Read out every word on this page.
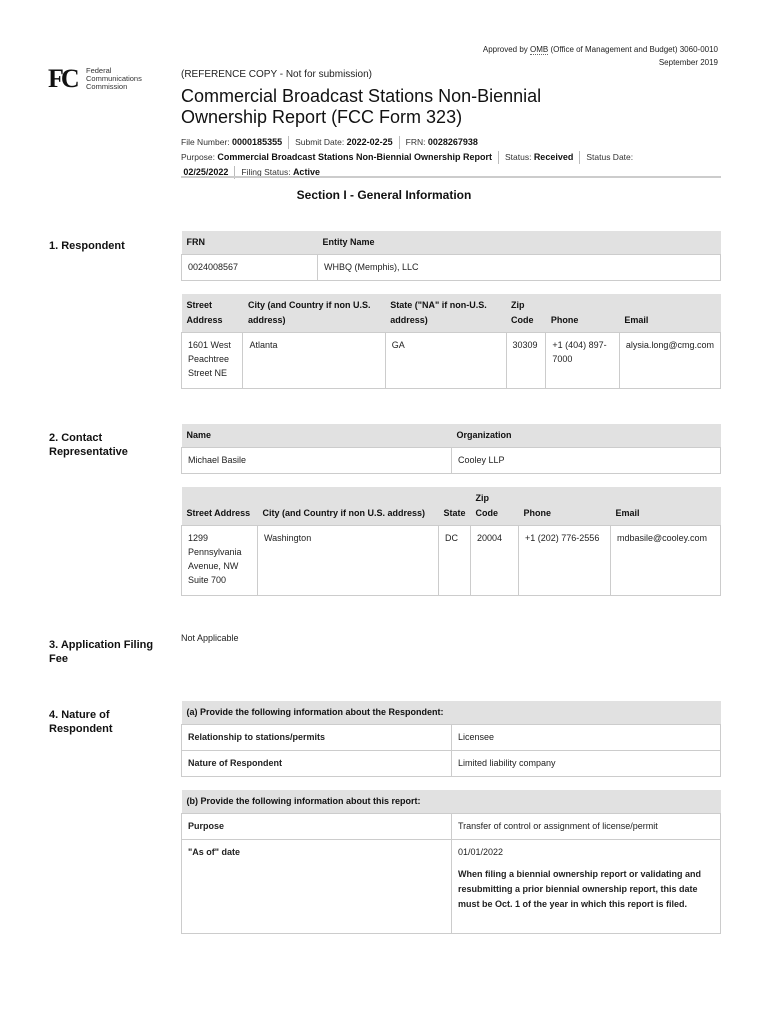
Approved by OMB (Office of Management and Budget) 3060-0010
September 2019
FC Federal
Communications
Commission
(REFERENCE COPY - Not for submission)
Commercial Broadcast Stations Non-Biennial Ownership Report (FCC Form 323)
File Number: 0000185355 Submit Date: 2022-02-25 FRN: 0028267938
Purpose: Commercial Broadcast Stations Non-Biennial Ownership Report Status: Received Status Date:
02/25/2022 Filing Status: Active
Section I - General Information
1. Respondent	FRN	Entity Name
0024008567	WHBQ (Memphis), LLC
Street Address	City (and Country if non U.S. address)	State ("NA" if non-U.S. address)	Zip Code	Phone	Email
1601 West Peachtree Street NE	Atlanta	GA	30309	+1 (404) 897-7000	alysia.long@cmg.com
2. Contact Representative
Name	Organization
Michael Basile	Cooley LLP
Street Address	City (and Country if non U.S. address)	State	Zip Code	Phone	Email
1299 Pennsylvania Avenue, NW Suite 700	Washington	DC	20004	+1 (202) 776-2556	mdbasile@cooley.com
3. Application Filing Fee
Not Applicable
4. Nature of Respondent
(a) Provide the following information about the Respondent:	
Relationship to stations/permits	Licensee
Nature of Respondent	Limited liability company
(b) Provide the following information about this report:	
Purpose	Transfer of control or assignment of license/permit
"As of" date	01/01/2022
When filing a biennial ownership report or validating and resubmitting a prior biennial ownership report, this date must be Oct. 1 of the year in which this report is filed.
